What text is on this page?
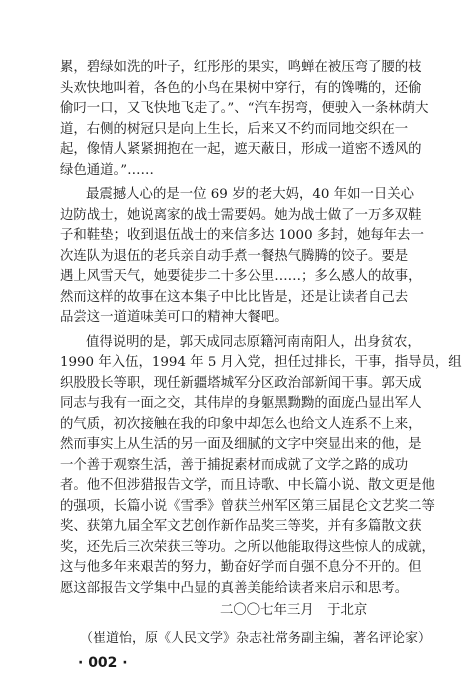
累，碧绿如洗的叶子，红彤彤的果实，鸣蝉在被压弯了腰的枝
头欢快地叫着，各色的小鸟在果树中穿行，有的馋嘴的，还偷
偷叼一口，又飞快地飞走了。”、“汽车拐弯，便驶入一条林荫大
道，右侧的树冠只是向上生长，后来又不约而同地交织在一
起，像情人紧紧拥抱在一起，遮天蔽日，形成一道密不透风的
绿色通道。”……
最震撼人心的是一位 69 岁的老大妈，40 年如一日关心
边防战士，她说离家的战士需要妈。她为战士做了一万多双鞋
子和鞋垫；收到退伍战士的来信多达 1000 多封，她每年去一
次连队为退伍的老兵亲自动手煮一餐热气腾腾的饺子。要是
遇上风雪天气，她要徒步二十多公里……；多么感人的故事，
然而这样的故事在这本集子中比比皆是，还是让读者自己去
品尝这一道道味美可口的精神大餐吧。
值得说明的是，郭天成同志原籍河南南阳人，出身贫农，
1990 年入伍，1994 年 5 月入党，担任过排长，干事，指导员，组
织股股长等职，现任新疆塔城军分区政治部新闻干事。郭天成
同志与我有一面之交，其伟岸的身躯黑黝黝的面庞凸显出军人
的气质，初次接触在我的印象中却怎么也给文人连系不上来，
然而事实上从生活的另一面及细腻的文字中突显出来的他，是
一个善于观察生活，善于捕捉素材而成就了文学之路的成功
者。他不但涉猎报告文学，而且诗歌、中长篇小说、散文更是他
的强项，长篇小说《雪季》曾获兰州军区第三届昆仑文艺奖二等
奖、获第九届全军文艺创作新作品奖三等奖，并有多篇散文获
奖，还先后三次荣获三等功。之所以他能取得这些惊人的成就，
这与他多年来艰苦的努力，勤奋好学而自强不息分不开的。但
愿这部报告文学集中凸显的真善美能给读者来启示和思考。
二〇〇七年三月　于北京
（崔道怡，原《人民文学》杂志社常务副主编，著名评论家）
· 002 ·
